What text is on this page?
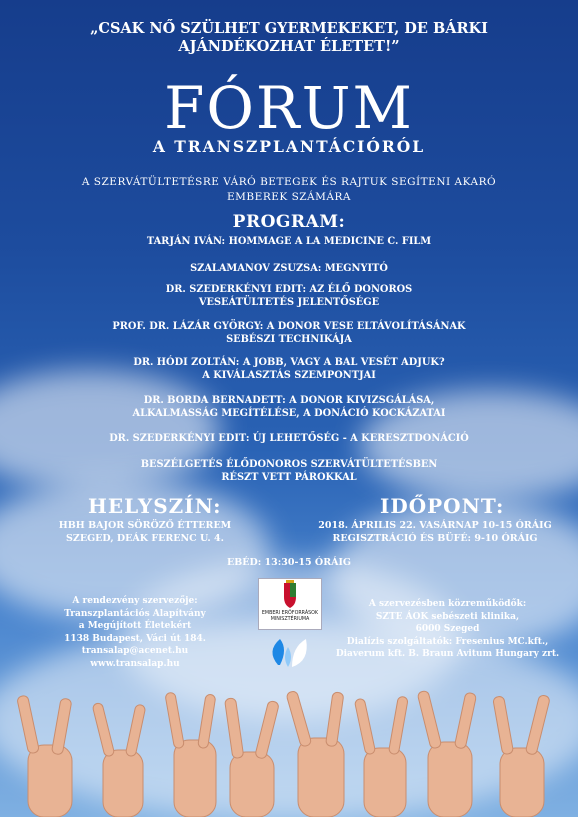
„CSAK NŐ SZÜLHET GYERMEKEKET, DE BÁRKI
AJÁNDÉKOZHAT ÉLETET!”
FÓRUM
A TRANSZPLANTÁCIÓRÓL
A SZERVÁTÜLTETÉSRE VÁRÓ BETEGEK ÉS RAJTUK SEGÍTENI AKARÓ
EMBEREK SZÁMÁRA
PROGRAM:
TARJÁN IVÁN: HOMMAGE A LA MEDICINE C. FILM
SZALAMANOV ZSUZSA: MEGNYITÓ
DR. SZEDERKÉNYI EDIT: AZ ÉLŐ DONOROS
VESEÁTÜLTETÉS JELENTŐSÉGE
PROF. DR. LÁZÁR GYÖRGY: A DONOR VESE ELTÁVOLÍTÁSÁNAK
SEBÉSZI TECHNIKÁJA
DR. HÓDI ZOLTÁN: A JOBB, VAGY A BAL VESÉT ADJUK?
A KIVÁLASZTÁS SZEMPONTJAI
DR. BORDA BERNADETT: A DONOR KIVIZSGÁLÁSA,
ALKALMASSÁG MEGÍTÉLÉSE, A DONÁCIÓ KOCKÁZATAI
DR. SZEDERKÉNYI EDIT: ÚJ LEHETŐSÉG - A KERESZTDONÁCIÓ
BESZÉLGETÉS ÉLŐDONOROS SZERVÁTÜLTETÉSBEN
RÉSZT VETT PÁROKKAL
HELYSZÍN:
HBH BAJOR SÖRÖZŐ ÉTTEREM
SZEGED, DEÁK FERENC U. 4.
IDŐPONT:
2018. ÁPRILIS 22. VASÁRNAP 10-15 ÓRÁIG
REGISZTRÁCIÓ ÉS BÜFÉ: 9-10 ÓRÁIG
EBÉD: 13:30-15 ÓRÁIG
EMBERI ERŐFORRÁSOK
MINISZTÉRIUMA
A rendezvény szervezője:
Transzplantációs Alapítvány
a Megújított Életekért
1138 Budapest, Váci út 184.
transalap@acenet.hu
www.transalap.hu
A szervezésben közreműködők:
SZTE ÁOK sebészeti klinika,
6000 Szeged
Dialízis szolgáltatók: Fresenius MC.kft.,
Diaverum kft. B. Braun Avitum Hungary zrt.
